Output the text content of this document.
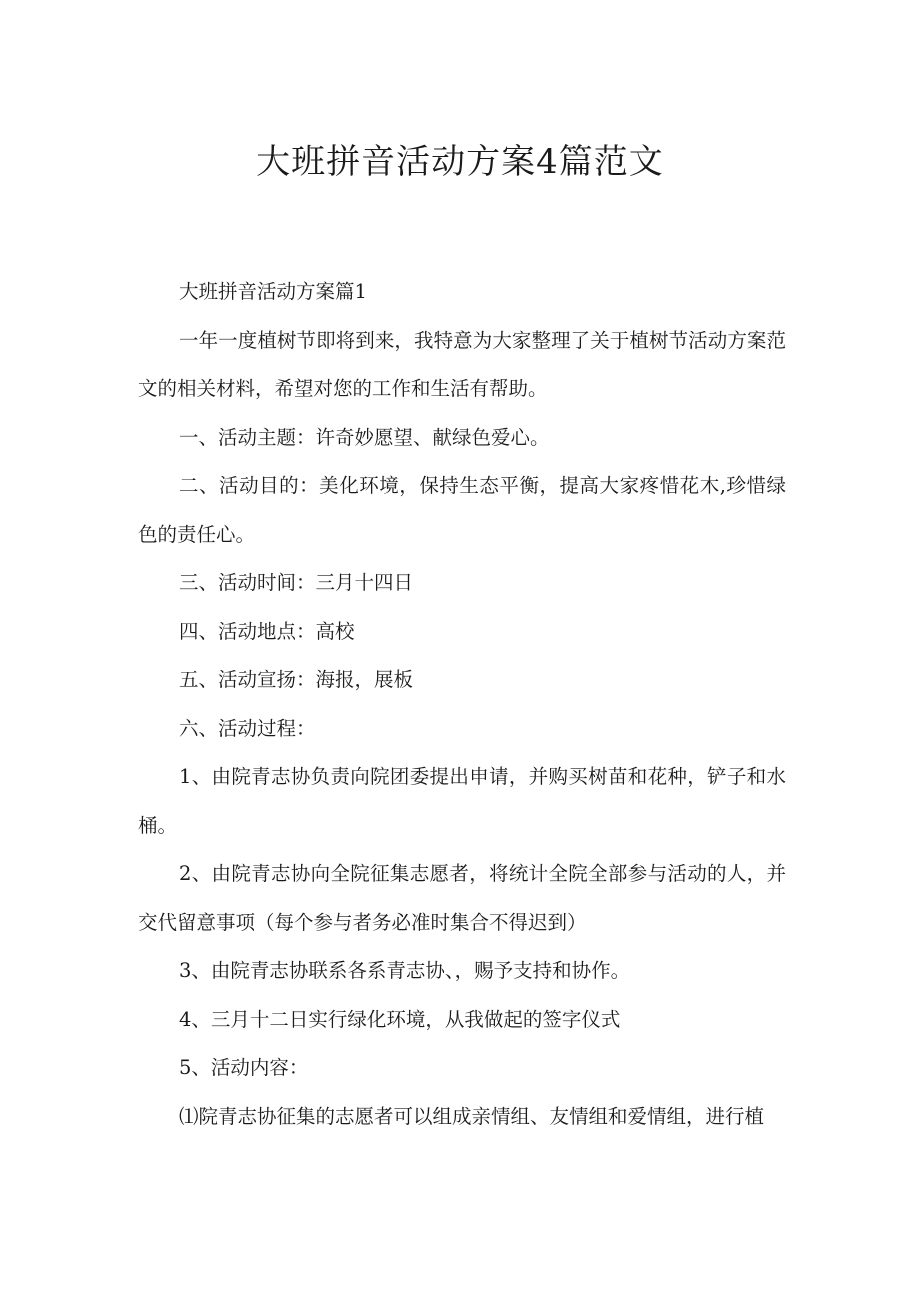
大班拼音活动方案4篇范文

大班拼音活动方案篇1

一年一度植树节即将到来，我特意为大家整理了关于植树节活动方案范文的相关材料，希望对您的工作和生活有帮助。

一、活动主题：许奇妙愿望、献绿色爱心。

二、活动目的：美化环境，保持生态平衡，提高大家疼惜花木,珍惜绿色的责任心。

三、活动时间：三月十四日

四、活动地点：高校

五、活动宣扬：海报，展板

六、活动过程：

1、由院青志协负责向院团委提出申请，并购买树苗和花种，铲子和水桶。

2、由院青志协向全院征集志愿者，将统计全院全部参与活动的人，并交代留意事项（每个参与者务必准时集合不得迟到）

3、由院青志协联系各系青志协、，赐予支持和协作。

4、三月十二日实行绿化环境，从我做起的签字仪式

5、活动内容：

⑴院青志协征集的志愿者可以组成亲情组、友情组和爱情组，进行植
